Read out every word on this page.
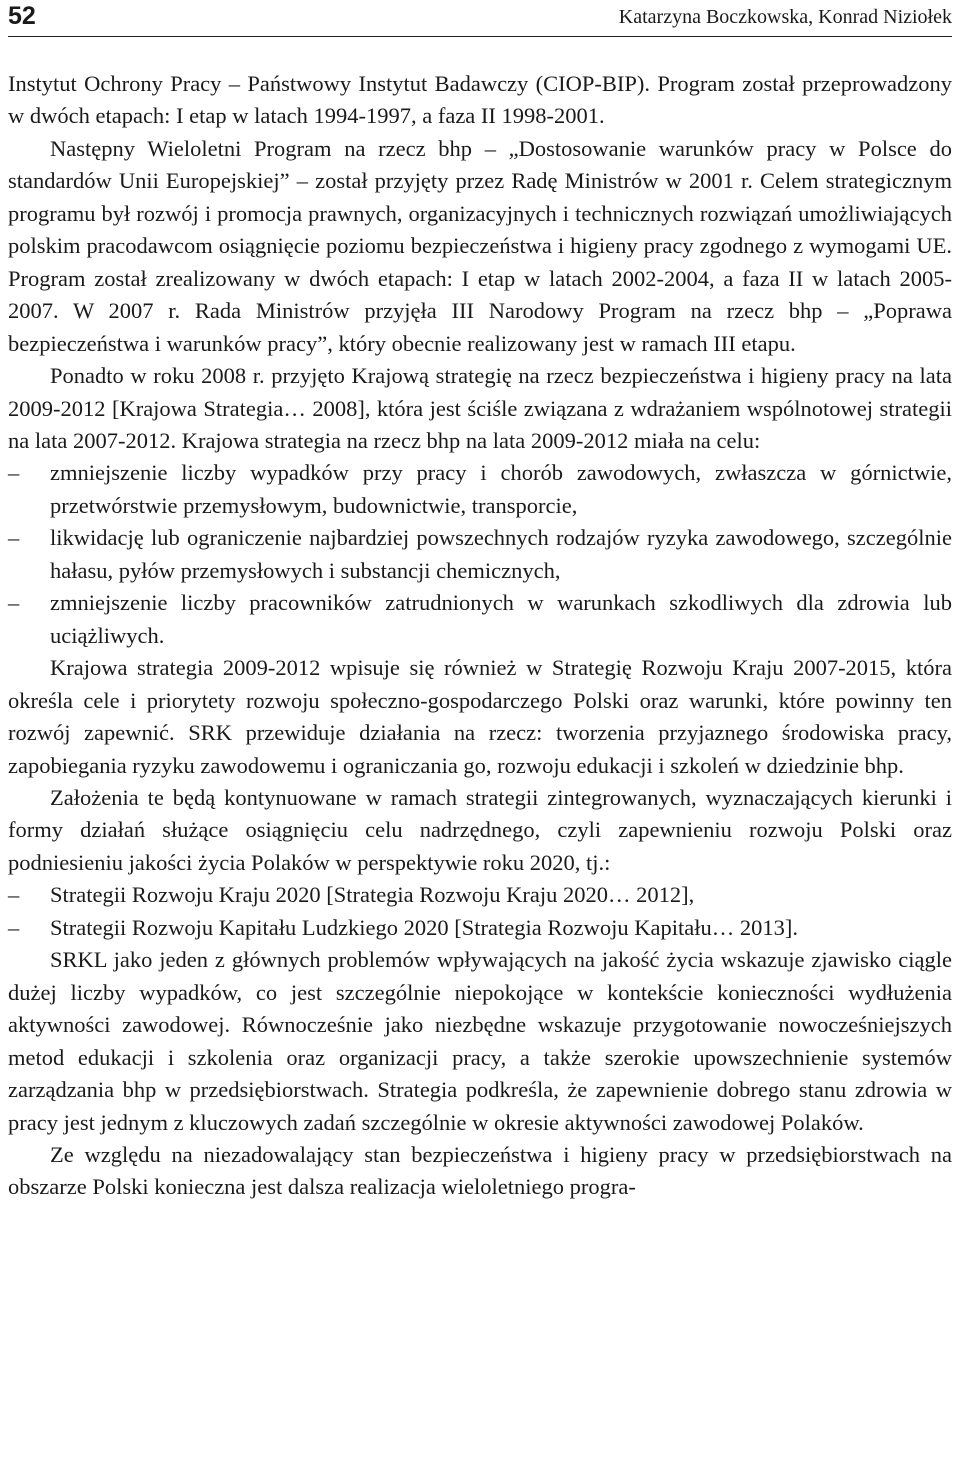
52	Katarzyna Boczkowska, Konrad Niziołek

Instytut Ochrony Pracy – Państwowy Instytut Badawczy (CIOP-BIP). Program został przeprowadzony w dwóch etapach: I etap w latach 1994-1997, a faza II 1998-2001.

Następny Wieloletni Program na rzecz bhp – „Dostosowanie warunków pracy w Polsce do standardów Unii Europejskiej” – został przyjęty przez Radę Ministrów w 2001 r. Celem strategicznym programu był rozwój i promocja prawnych, organizacyjnych i technicznych rozwiązań umożliwiających polskim pracodawcom osiągnięcie poziomu bezpieczeństwa i higieny pracy zgodnego z wymogami UE. Program został zrealizowany w dwóch etapach: I etap w latach 2002-2004, a faza II w latach 2005-2007. W 2007 r. Rada Ministrów przyjęła III Narodowy Program na rzecz bhp – „Poprawa bezpieczeństwa i warunków pracy”, który obecnie realizowany jest w ramach III etapu.

Ponadto w roku 2008 r. przyjęto Krajową strategię na rzecz bezpieczeństwa i higieny pracy na lata 2009-2012 [Krajowa Strategia… 2008], która jest ściśle związana z wdrażaniem wspólnotowej strategii na lata 2007-2012. Krajowa strategia na rzecz bhp na lata 2009-2012 miała na celu:

– zmniejszenie liczby wypadków przy pracy i chorób zawodowych, zwłaszcza w górnictwie, przetwórstwie przemysłowym, budownictwie, transporcie,
– likwidację lub ograniczenie najbardziej powszechnych rodzajów ryzyka zawodowego, szczególnie hałasu, pyłów przemysłowych i substancji chemicznych,
– zmniejszenie liczby pracowników zatrudnionych w warunkach szkodliwych dla zdrowia lub uciążliwych.

Krajowa strategia 2009-2012 wpisuje się również w Strategię Rozwoju Kraju 2007-2015, która określa cele i priorytety rozwoju społeczno-gospodarczego Polski oraz warunki, które powinny ten rozwój zapewnić. SRK przewiduje działania na rzecz: tworzenia przyjaznego środowiska pracy, zapobiegania ryzyku zawodowemu i ograniczania go, rozwoju edukacji i szkoleń w dziedzinie bhp.

Założenia te będą kontynuowane w ramach strategii zintegrowanych, wyznaczających kierunki i formy działań służące osiągnięciu celu nadrzędnego, czyli zapewnieniu rozwoju Polski oraz podniesieniu jakości życia Polaków w perspektywie roku 2020, tj.:

– Strategii Rozwoju Kraju 2020 [Strategia Rozwoju Kraju 2020… 2012],
– Strategii Rozwoju Kapitału Ludzkiego 2020 [Strategia Rozwoju Kapitału… 2013].

SRKL jako jeden z głównych problemów wpływających na jakość życia wskazuje zjawisko ciągle dużej liczby wypadków, co jest szczególnie niepokojące w kontekście konieczności wydłużenia aktywności zawodowej. Równocześnie jako niezbędne wskazuje przygotowanie nowocześniejszych metod edukacji i szkolenia oraz organizacji pracy, a także szerokie upowszechnienie systemów zarządzania bhp w przedsiębiorstwach. Strategia podkreśla, że zapewnienie dobrego stanu zdrowia w pracy jest jednym z kluczowych zadań szczególnie w okresie aktywności zawodowej Polaków.

Ze względu na niezadowalający stan bezpieczeństwa i higieny pracy w przedsiębiorstwach na obszarze Polski konieczna jest dalsza realizacja wieloletniego progra-
